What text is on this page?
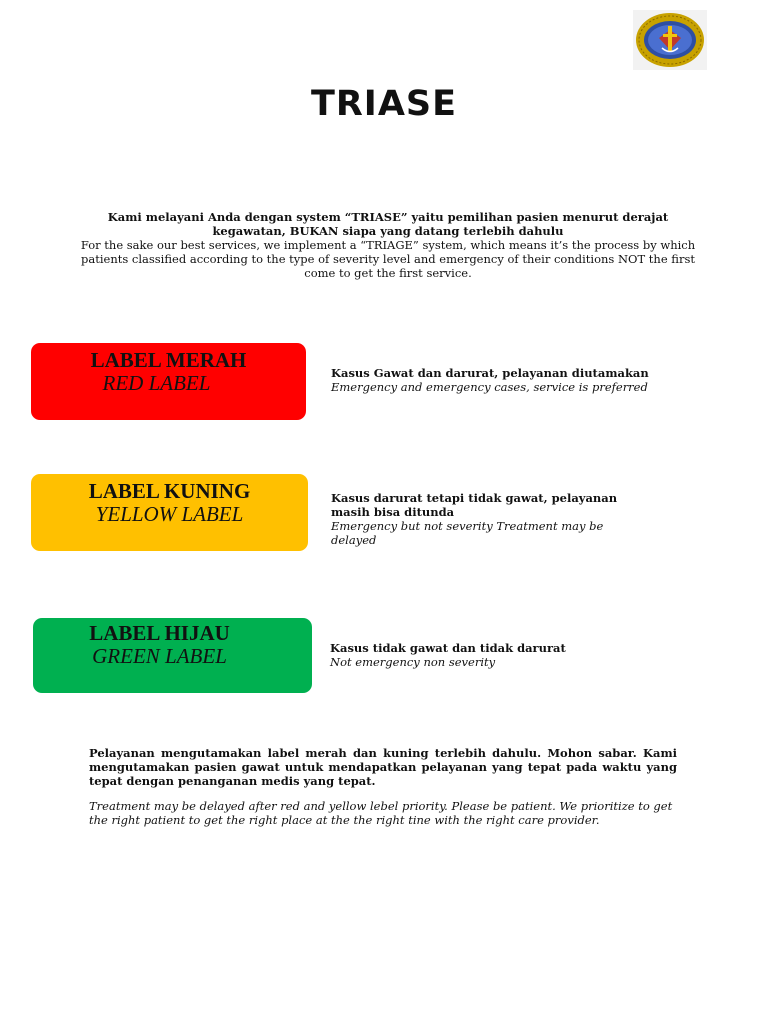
TRIASE
Kami melayani Anda dengan system “TRIASE” yaitu pemilihan pasien menurut derajat kegawatan, BUKAN siapa yang datang terlebih dahulu
For the sake our best services, we implement a “TRIAGE” system, which means it’s the process by which patients classified according to the type of severity level and emergency of their conditions NOT the first come to get the first service.
LABEL MERAH
RED LABEL	Kasus Gawat dan darurat, pelayanan diutamakan
Emergency and emergency cases, service is preferred
LABEL KUNING
YELLOW LABEL
Kasus darurat tetapi tidak gawat, pelayanan masih bisa ditunda
Emergency but not severity Treatment may be delayed
LABEL HIJAU
GREEN LABEL	Kasus tidak gawat dan tidak darurat
Not emergency non severity
Pelayanan mengutamakan label merah dan kuning terlebih dahulu. Mohon sabar. Kami mengutamakan pasien gawat untuk mendapatkan pelayanan yang tepat pada waktu yang tepat dengan penanganan medis yang tepat.
Treatment may be delayed after red and yellow lebel priority. Please be patient. We prioritize to get the right patient to get the right place at the the right tine with the right care provider.
